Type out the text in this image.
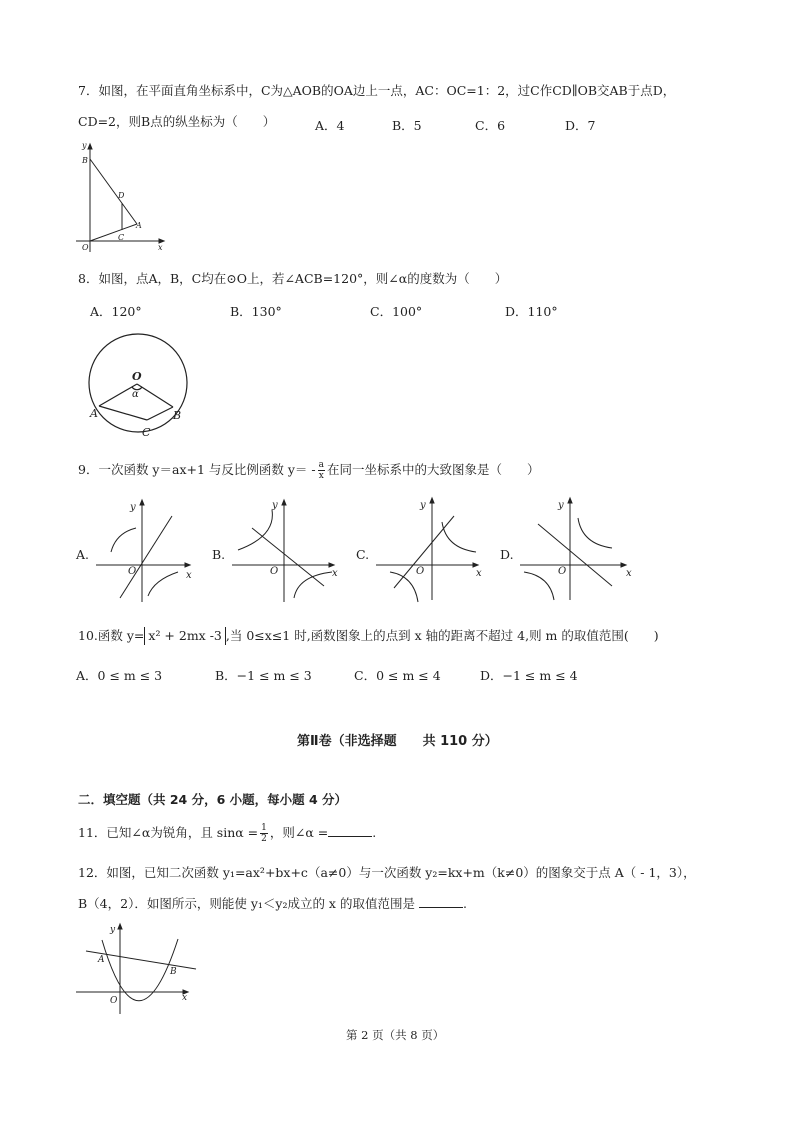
7．如图，在平面直角坐标系中，C为△AOB的OA边上一点，AC：OC=1：2，过C作CD∥OB交AB于点D，
CD=2，则B点的纵坐标为（　　）	A．4	B．5	C．6	D．7
y
B
D
A
O
C
x
8．如图，点A，B，C均在⊙O上，若∠ACB=120°，则∠α的度数为（　　）
A．120°	B．130°	C．100°	D．110°
O
α
A	B
C
9．一次函数 y＝ax+1 与反比例函数 $y= - \frac{a}{x}$ 在同一坐标系中的大致图象是（　　）
A.
y
O	x
B.
y
O	x
C.
y
O	x
D.
y
O	x
10.函数 y= x² + 2mx -3 ,当 0≤x≤1 时,函数图象上的点到 x 轴的距离不超过 4,则 m 的取值范围(　　)
A．0 ≤ m ≤ 3	B．−1 ≤ m ≤ 3	C．0 ≤ m ≤ 4	D．−1 ≤ m ≤ 4
第Ⅱ卷（非选择题　　共 110 分）
二．填空题（共 24 分，6 小题，每小题 4 分）
11．已知∠α为锐角，且 $\sin\alpha = \frac{1}{2}$ ，则∠α =	.
12．如图，已知二次函数 y₁=ax²+bx+c（a≠0）与一次函数 y₂=kx+m（k≠0）的图象交于点 A（ - 1，3），
B（4，2）．如图所示，则能使 y₁＜y₂成立的 x 的取值范围是	.
y
A
B
O	x
第 2 页（共 8 页）
